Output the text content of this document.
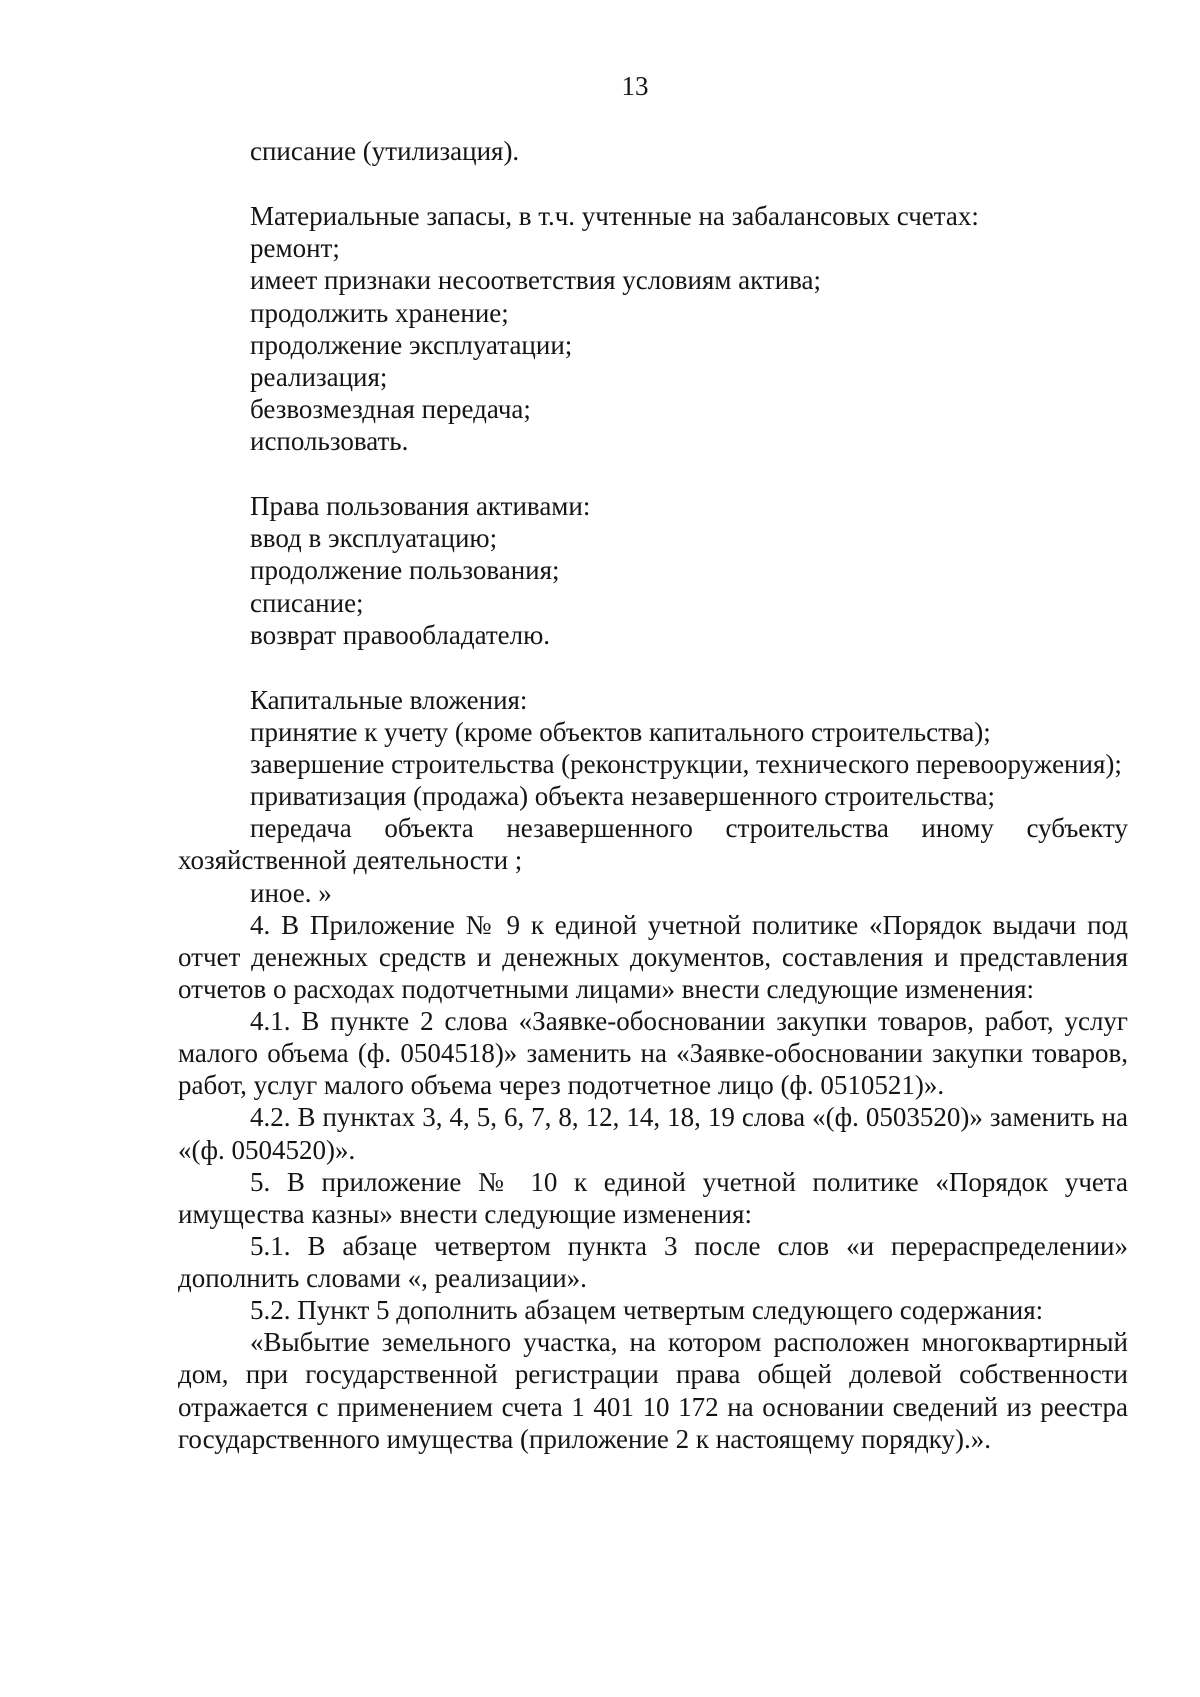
13
списание (утилизация).
Материальные запасы, в т.ч. учтенные на забалансовых счетах:
ремонт;
имеет признаки несоответствия условиям актива;
продолжить хранение;
продолжение эксплуатации;
реализация;
безвозмездная передача;
использовать.
Права пользования активами:
ввод в эксплуатацию;
продолжение пользования;
списание;
возврат правообладателю.
Капитальные вложения:
принятие к учету (кроме объектов капитального строительства);

завершение строительства (реконструкции, технического перевооружения);

приватизация (продажа) объекта незавершенного строительства;

передача объекта незавершенного строительства иному субъекту хозяйственной деятельности ;

иное. »

4. В Приложение № 9 к единой учетной политике «Порядок выдачи под отчет денежных средств и денежных документов, составления и представления отчетов о расходах подотчетными лицами» внести следующие изменения:

4.1. В пункте 2 слова «Заявке-обосновании закупки товаров, работ, услуг малого объема (ф. 0504518)» заменить на «Заявке-обосновании закупки товаров, работ, услуг малого объема через подотчетное лицо (ф. 0510521)».

4.2. В пунктах 3, 4, 5, 6, 7, 8, 12, 14, 18, 19 слова «(ф. 0503520)» заменить на «(ф. 0504520)».

5. В приложение № 10 к единой учетной политике «Порядок учета имущества казны» внести следующие изменения:

5.1. В абзаце четвертом пункта 3 после слов «и перераспределении» дополнить словами «, реализации».

5.2. Пункт 5 дополнить абзацем четвертым следующего содержания:

«Выбытие земельного участка, на котором расположен многоквартирный дом, при государственной регистрации права общей долевой собственности отражается с применением счета 1 401 10 172 на основании сведений из реестра государственного имущества (приложение 2 к настоящему порядку).».
